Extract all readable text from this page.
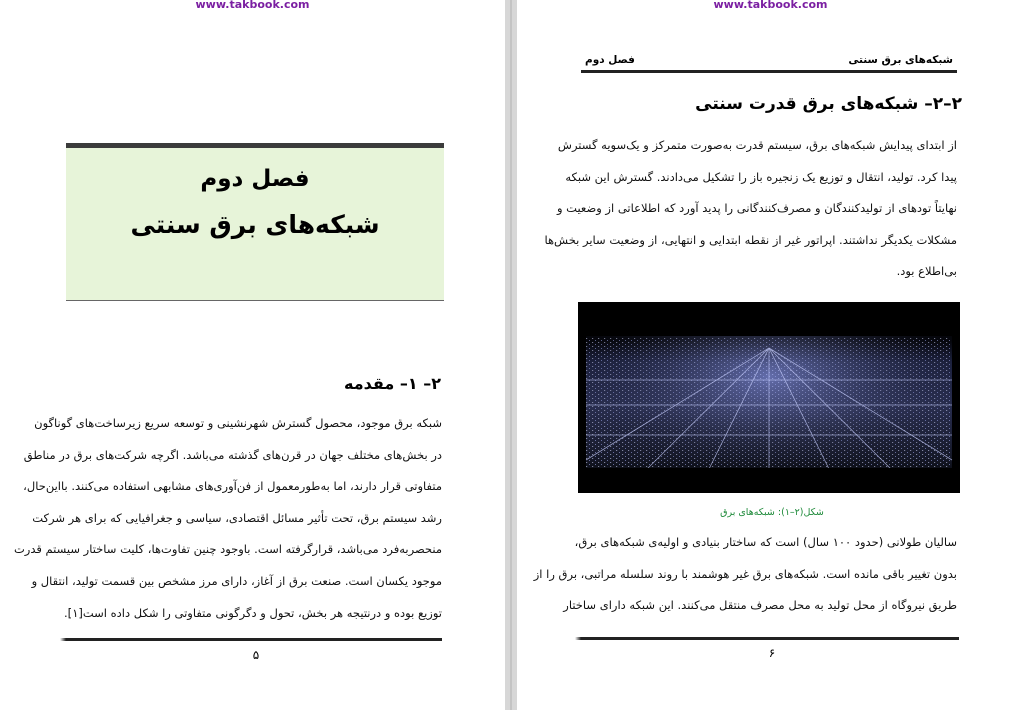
www.takbook.com
فصل دوم
شبکه‌های برق سنتی
۲– ۱– مقدمه
شبکه برق موجود، محصول گسترش شهرنشینی و توسعه سریع زیرساخت‌های گوناگون
در بخش‌های مختلف جهان در قرن‌های گذشته می‌باشد. اگرچه شرکت‌های برق در مناطق
متفاوتی قرار دارند، اما به‌طورمعمول از فن‌آوری‌های مشابهی استفاده می‌کنند. بااین‌حال،
رشد سیستم برق، تحت تأثیر مسائل اقتصادی، سیاسی و جغرافیایی که برای هر شرکت
منحصربه‌فرد می‌باشد، قرارگرفته است. باوجود چنین تفاوت‌ها، کلیت ساختار سیستم قدرت
موجود یکسان است. صنعت برق از آغاز، دارای مرز مشخص بین قسمت تولید، انتقال و
توزیع بوده و درنتیجه هر بخش، تحول و دگرگونی متفاوتی را شکل داده است[۱].
۵
www.takbook.com
شبکه‌های برق سنتی
فصل دوم
۲–۲– شبکه‌های برق قدرت سنتی
از ابتدای پیدایش شبکه‌های برق، سیستم قدرت به‌صورت متمرکز و یک‌سویه گسترش
پیدا کرد. تولید، انتقال و توزیع یک زنجیره باز را تشکیل می‌دادند. گسترش این شبکه
نهایتاً تودهای از تولیدکنندگان و مصرف‌کنندگانی را پدید آورد که اطلاعاتی از وضعیت و
مشکلات یکدیگر نداشتند. اپراتور غیر از نقطه ابتدایی و انتهایی، از وضعیت سایر بخش‌ها
بی‌اطلاع بود.
شکل(۲–۱): شبکه‌های برق
سالیان طولانی (حدود ۱۰۰ سال) است که ساختار بنیادی و اولیه‌ی شبکه‌های برق،
بدون تغییر باقی مانده است. شبکه‌های برق غیر هوشمند با روند سلسله مراتبی، برق را از
طریق نیروگاه از محل تولید به محل مصرف منتقل می‌کنند. این شبکه دارای ساختار
۶
